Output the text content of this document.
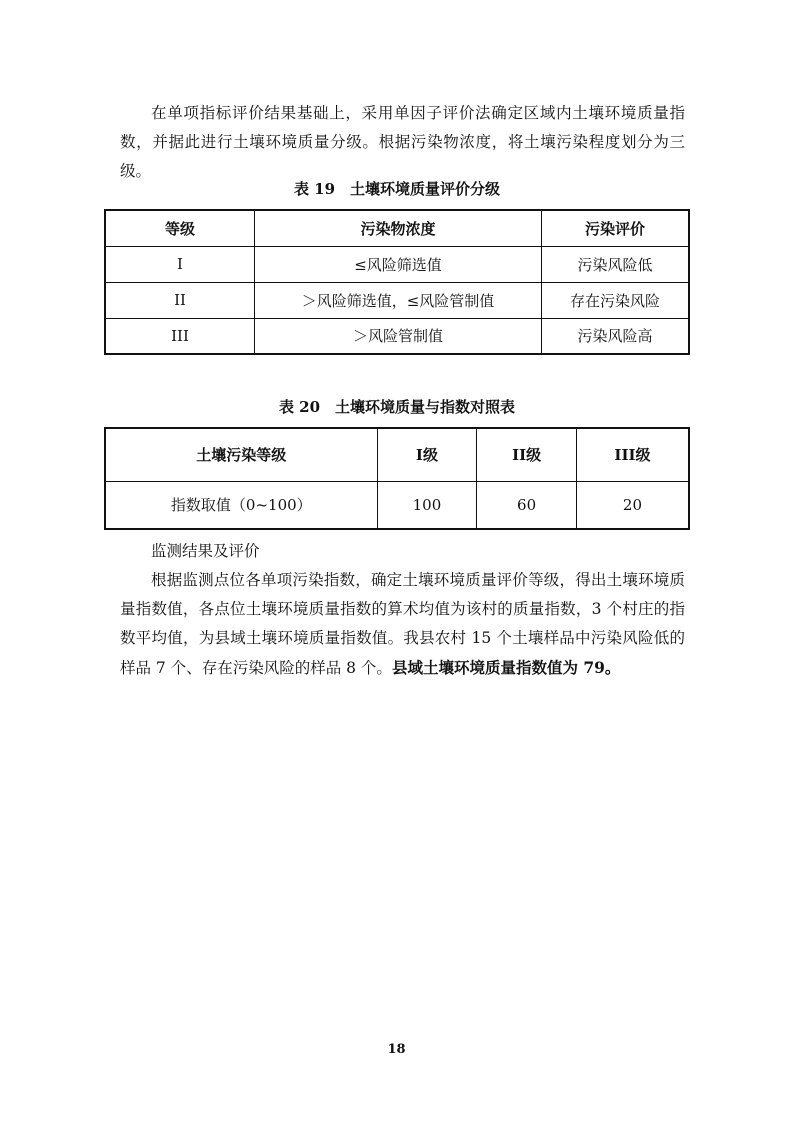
在单项指标评价结果基础上，采用单因子评价法确定区域内土壤环境质量指数，并据此进行土壤环境质量分级。根据污染物浓度，将土壤污染程度划分为三级。

表 19　土壤环境质量评价分级

等级	污染物浓度	污染评价
I	≤风险筛选值	污染风险低
II	＞风险筛选值，≤风险管制值	存在污染风险
III	＞风险管制值	污染风险高

表 20　土壤环境质量与指数对照表

土壤污染等级	I级	II级	III级
指数取值（0~100）	100	60	20

监测结果及评价

根据监测点位各单项污染指数，确定土壤环境质量评价等级，得出土壤环境质量指数值，各点位土壤环境质量指数的算术均值为该村的质量指数，3 个村庄的指数平均值，为县域土壤环境质量指数值。我县农村 15 个土壤样品中污染风险低的样品 7 个、存在污染风险的样品 8 个。县域土壤环境质量指数值为 79。

18
